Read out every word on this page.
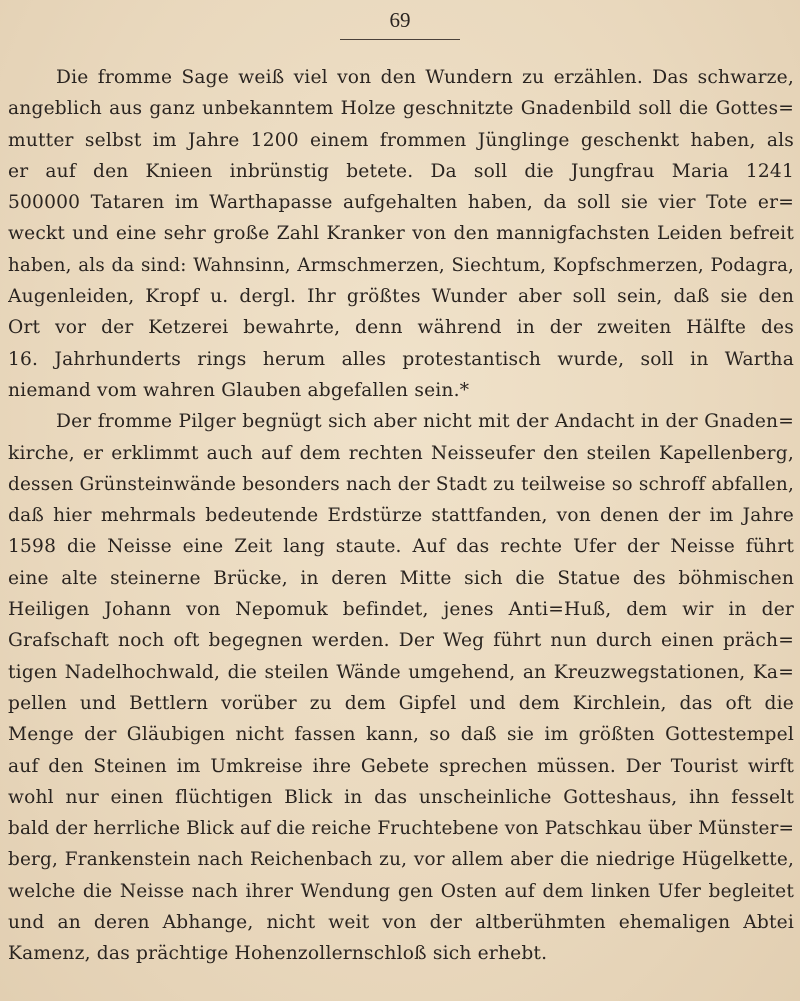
69
Die fromme Sage weiß viel von den Wundern zu erzählen. Das schwarze,
angeblich aus ganz unbekanntem Holze geschnitzte Gnadenbild soll die Gottes=
mutter selbst im Jahre 1200 einem frommen Jünglinge geschenkt haben, als
er auf den Knieen inbrünstig betete. Da soll die Jungfrau Maria 1241
500000 Tataren im Warthapasse aufgehalten haben, da soll sie vier Tote er=
weckt und eine sehr große Zahl Kranker von den mannigfachsten Leiden befreit
haben, als da sind: Wahnsinn, Armschmerzen, Siechtum, Kopfschmerzen, Podagra,
Augenleiden, Kropf u. dergl. Ihr größtes Wunder aber soll sein, daß sie den
Ort vor der Ketzerei bewahrte, denn während in der zweiten Hälfte des
16. Jahrhunderts rings herum alles protestantisch wurde, soll in Wartha
niemand vom wahren Glauben abgefallen sein.*
Der fromme Pilger begnügt sich aber nicht mit der Andacht in der Gnaden=
kirche, er erklimmt auch auf dem rechten Neisseufer den steilen Kapellenberg,
dessen Grünsteinwände besonders nach der Stadt zu teilweise so schroff abfallen,
daß hier mehrmals bedeutende Erdstürze stattfanden, von denen der im Jahre
1598 die Neisse eine Zeit lang staute. Auf das rechte Ufer der Neisse führt
eine alte steinerne Brücke, in deren Mitte sich die Statue des böhmischen
Heiligen Johann von Nepomuk befindet, jenes Anti=Huß, dem wir in der
Grafschaft noch oft begegnen werden. Der Weg führt nun durch einen präch=
tigen Nadelhochwald, die steilen Wände umgehend, an Kreuzwegstationen, Ka=
pellen und Bettlern vorüber zu dem Gipfel und dem Kirchlein, das oft die
Menge der Gläubigen nicht fassen kann, so daß sie im größten Gottestempel
auf den Steinen im Umkreise ihre Gebete sprechen müssen. Der Tourist wirft
wohl nur einen flüchtigen Blick in das unscheinliche Gotteshaus, ihn fesselt
bald der herrliche Blick auf die reiche Fruchtebene von Patschkau über Münster=
berg, Frankenstein nach Reichenbach zu, vor allem aber die niedrige Hügelkette,
welche die Neisse nach ihrer Wendung gen Osten auf dem linken Ufer begleitet
und an deren Abhange, nicht weit von der altberühmten ehemaligen Abtei
Kamenz, das prächtige Hohenzollernschloß sich erhebt.
